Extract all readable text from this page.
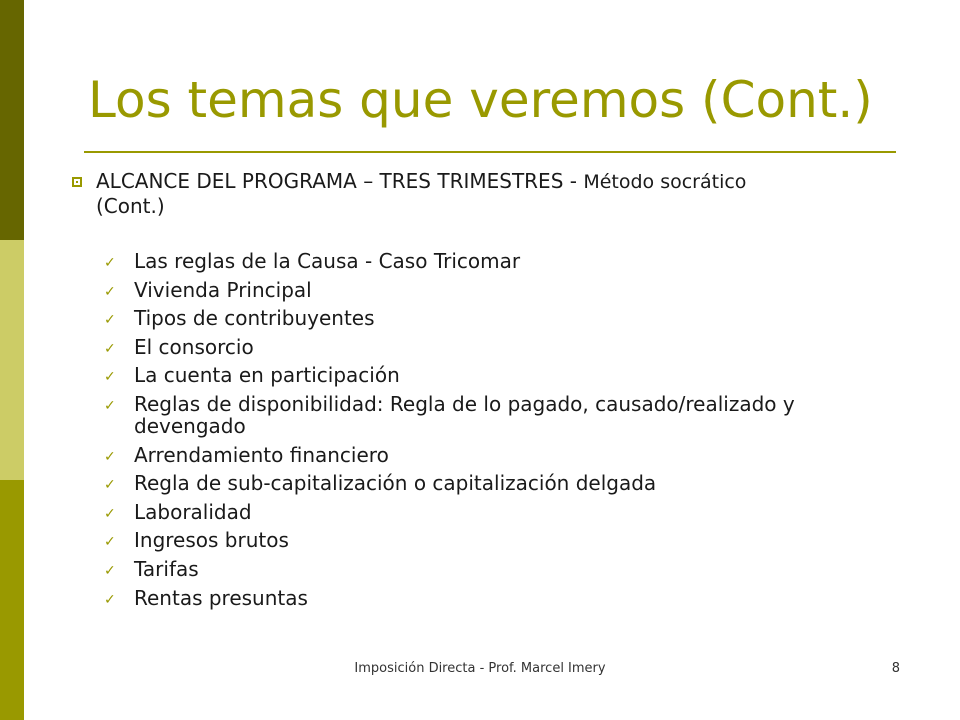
Los temas que veremos (Cont.)
ALCANCE DEL PROGRAMA – TRES TRIMESTRES - Método socrático
(Cont.)
✓ Las reglas de la Causa - Caso Tricomar
✓ Vivienda Principal
✓ Tipos de contribuyentes
✓ El consorcio
✓ La cuenta en participación
✓ Reglas de disponibilidad: Regla de lo pagado, causado/realizado y devengado
✓ Arrendamiento financiero
✓ Regla de sub-capitalización o capitalización delgada
✓ Laboralidad
✓ Ingresos brutos
✓ Tarifas
✓ Rentas presuntas
Imposición Directa - Prof. Marcel Imery	8
